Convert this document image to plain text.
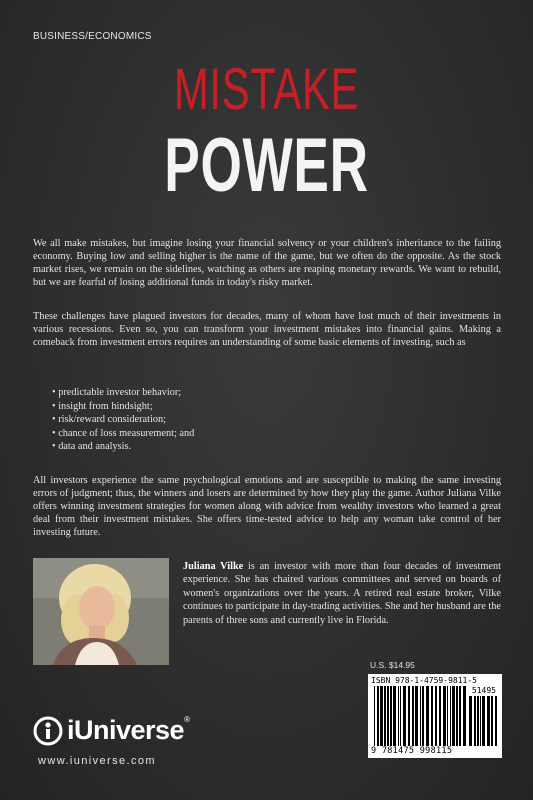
BUSINESS/ECONOMICS
MISTAKE
POWER

We all make mistakes, but imagine losing your financial solvency or your children's inheritance to the failing economy. Buying low and selling higher is the name of the game, but we often do the opposite. As the stock market rises, we remain on the sidelines, watching as others are reaping monetary rewards. We want to rebuild, but we are fearful of losing additional funds in today's risky market.

These challenges have plagued investors for decades, many of whom have lost much of their investments in various recessions. Even so, you can transform your investment mistakes into financial gains. Making a comeback from investment errors requires an understanding of some basic elements of investing, such as

• predictable investor behavior;
• insight from hindsight;
• risk/reward consideration;
• chance of loss measurement; and
• data and analysis.

All investors experience the same psychological emotions and are susceptible to making the same investing errors of judgment; thus, the winners and losers are determined by how they play the game. Author Juliana Vilke offers winning investment strategies for women along with advice from wealthy investors who learned a great deal from their investment mistakes. She offers time-tested advice to help any woman take control of her investing future.

Juliana Vilke is an investor with more than four decades of investment experience. She has chaired various committees and served on boards of women's organizations over the years. A retired real estate broker, Vilke continues to participate in day-trading activities. She and her husband are the parents of three sons and currently live in Florida.

U.S. $14.95
ISBN 978-1-4759-9811-5
51495
9 781475 998115
iUniverse®
www.iuniverse.com
